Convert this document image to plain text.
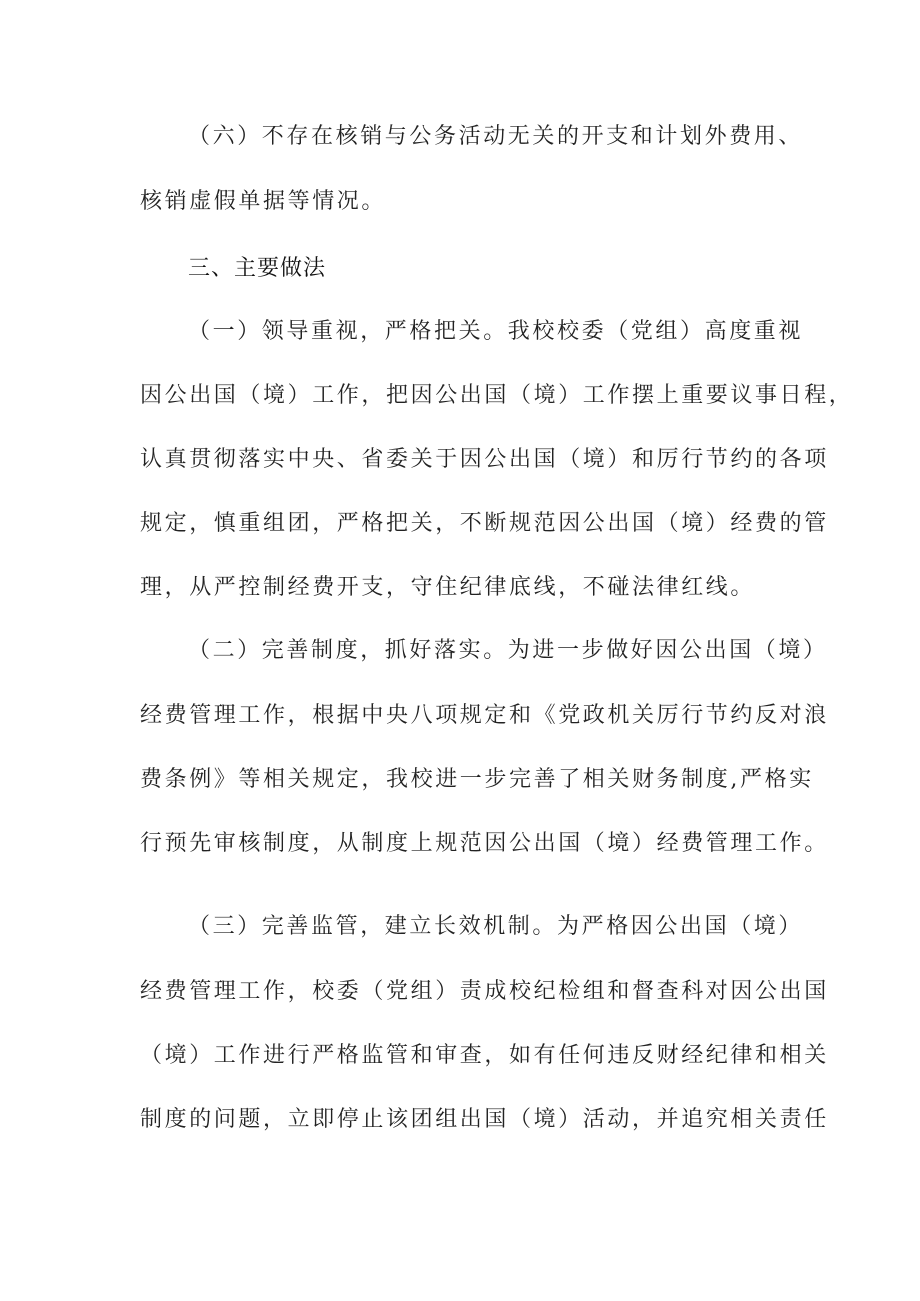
（六）不存在核销与公务活动无关的开支和计划外费用、
核销虚假单据等情况。
三、主要做法
（一）领导重视，严格把关。我校校委（党组）高度重视
因公出国（境）工作，把因公出国（境）工作摆上重要议事日程，
认真贯彻落实中央、省委关于因公出国（境）和厉行节约的各项
规定，慎重组团，严格把关，不断规范因公出国（境）经费的管
理，从严控制经费开支，守住纪律底线，不碰法律红线。
（二）完善制度，抓好落实。为进一步做好因公出国（境）
经费管理工作，根据中央八项规定和《党政机关厉行节约反对浪
费条例》等相关规定，我校进一步完善了相关财务制度,严格实
行预先审核制度，从制度上规范因公出国（境）经费管理工作。
（三）完善监管，建立长效机制。为严格因公出国（境）
经费管理工作，校委（党组）责成校纪检组和督查科对因公出国
（境）工作进行严格监管和审查，如有任何违反财经纪律和相关
制度的问题，立即停止该团组出国（境）活动，并追究相关责任
